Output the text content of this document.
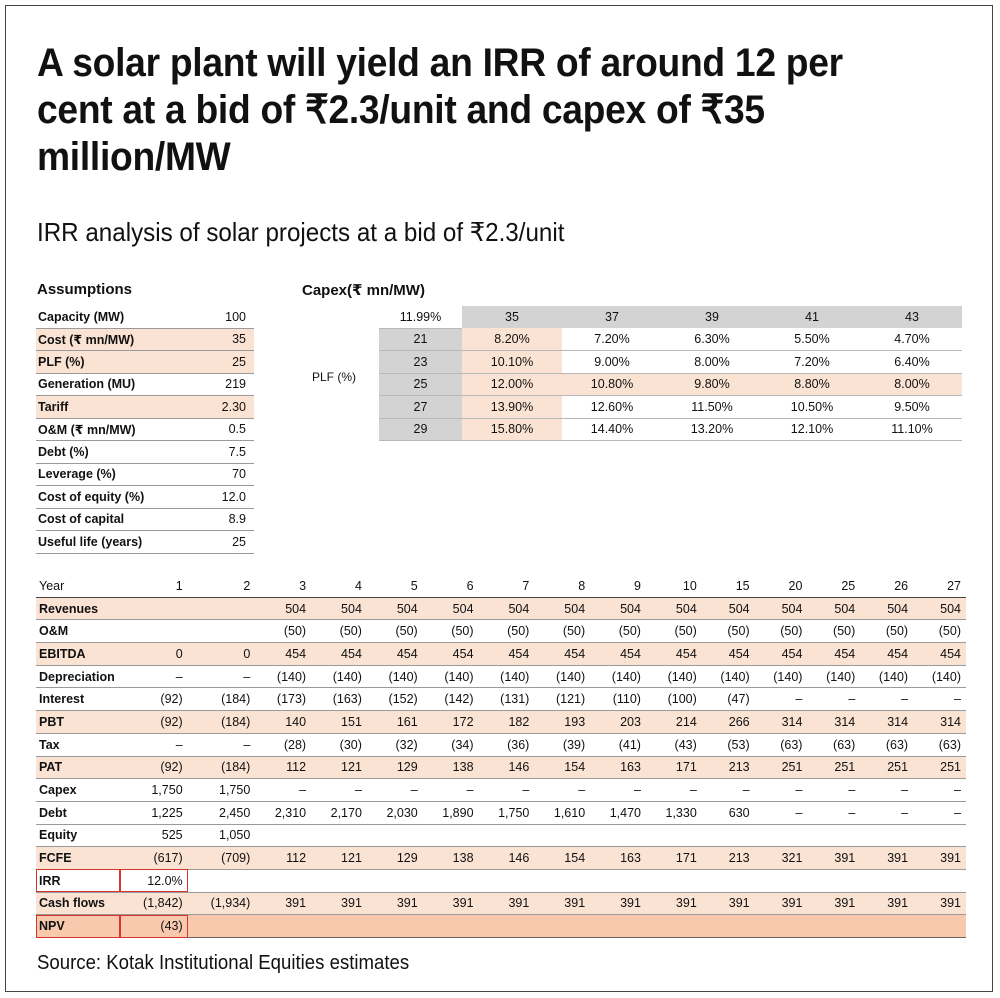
A solar plant will yield an IRR of around 12 per cent at a bid of ₹2.3/unit and capex of ₹35 million/MW
IRR analysis of solar projects at a bid of ₹2.3/unit
Assumptions
Capacity (MW)	100
Cost (₹ mn/MW)	35
PLF (%)	25
Generation (MU)	219
Tariff	2.30
O&M (₹ mn/MW)	0.5
Debt (%)	7.5
Leverage (%)	70
Cost of equity (%)	12.0
Cost of capital	8.9
Useful life (years)	25
Capex(₹ mn/MW)
PLF (%)
11.99%	35	37	39	41	43
21	8.20%	7.20%	6.30%	5.50%	4.70%
23	10.10%	9.00%	8.00%	7.20%	6.40%
25	12.00%	10.80%	9.80%	8.80%	8.00%
27	13.90%	12.60%	11.50%	10.50%	9.50%
29	15.80%	14.40%	13.20%	12.10%	11.10%
Year	1	2	3	4	5	6	7	8	9	10	15	20	25	26	27
Revenues			504	504	504	504	504	504	504	504	504	504	504	504	504
O&M			(50)	(50)	(50)	(50)	(50)	(50)	(50)	(50)	(50)	(50)	(50)	(50)	(50)
EBITDA	0	0	454	454	454	454	454	454	454	454	454	454	454	454	454
Depreciation	–	–	(140)	(140)	(140)	(140)	(140)	(140)	(140)	(140)	(140)	(140)	(140)	(140)	(140)
Interest	(92)	(184)	(173)	(163)	(152)	(142)	(131)	(121)	(110)	(100)	(47)	–	–	–	–
PBT	(92)	(184)	140	151	161	172	182	193	203	214	266	314	314	314	314
Tax	–	–	(28)	(30)	(32)	(34)	(36)	(39)	(41)	(43)	(53)	(63)	(63)	(63)	(63)
PAT	(92)	(184)	112	121	129	138	146	154	163	171	213	251	251	251	251
Capex	1,750	1,750	–	–	–	–	–	–	–	–	–	–	–	–	–
Debt	1,225	2,450	2,310	2,170	2,030	1,890	1,750	1,610	1,470	1,330	630	–	–	–	–
Equity	525	1,050													
FCFE	(617)	(709)	112	121	129	138	146	154	163	171	213	321	391	391	391
IRR	12.0%														
Cash flows	(1,842)	(1,934)	391	391	391	391	391	391	391	391	391	391	391	391	391
NPV	(43)														
Source: Kotak Institutional Equities estimates
